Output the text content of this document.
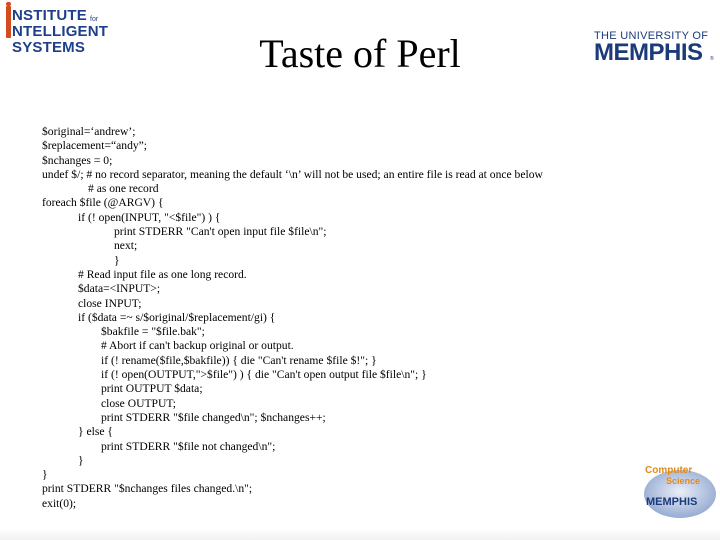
NSTITUTE for
NTELLIGENT
SYSTEMS	Taste of Perl	THE UNIVERSITY OF
MEMPHIS ®
$original=‘andrew’;
$replacement=“andy”;
$nchanges = 0;
undef $/; # no record separator, meaning the default ‘\n’ will not be used; an entire file is read at once below
# as one record
foreach $file (@ARGV) {
if (! open(INPUT, "<$file") ) {
print STDERR "Can't open input file $file\n";
next;
}
# Read input file as one long record.
$data=<INPUT>;
close INPUT;
if ($data =~ s/$original/$replacement/gi) {
$bakfile = "$file.bak";
# Abort if can't backup original or output.
if (! rename($file,$bakfile)) { die "Can't rename $file $!"; }
if (! open(OUTPUT,">$file") ) { die "Can't open output file $file\n"; }
print OUTPUT $data;
close OUTPUT;
print STDERR "$file changed\n"; $nchanges++;
} else {
print STDERR "$file not changed\n";
}
}
print STDERR "$nchanges files changed.\n";
exit(0);
Computer
Science
MEMPHIS
